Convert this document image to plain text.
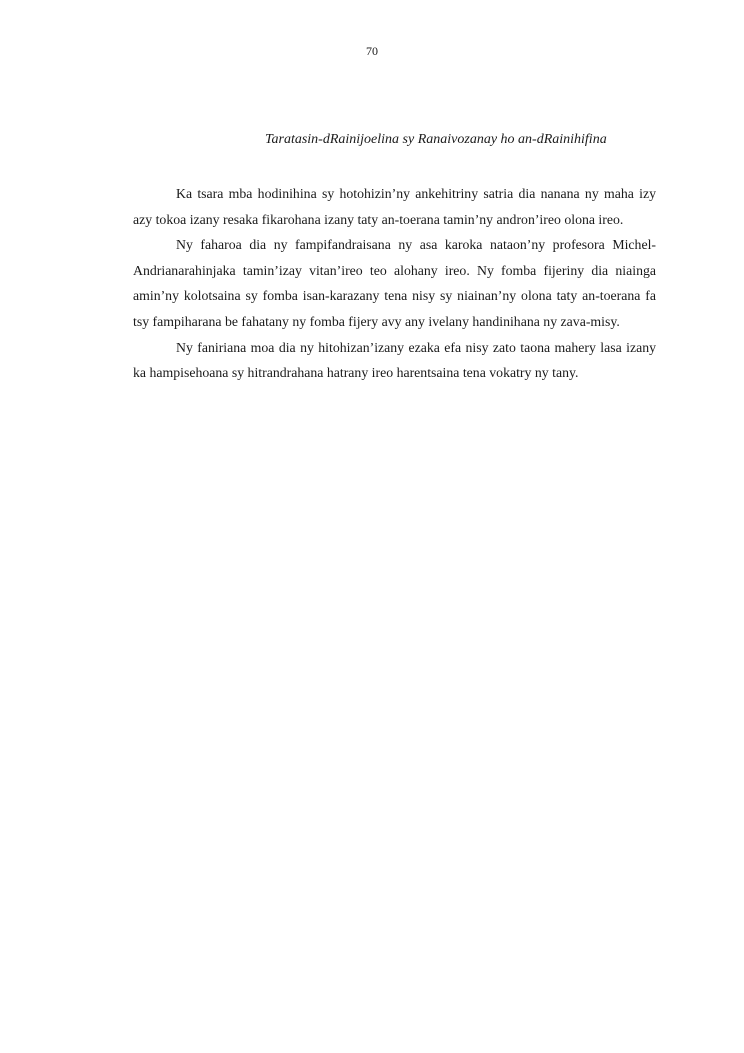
70
Taratasin-dRainijoelina sy Ranaivozanay ho an-dRainihifina

Ka tsara mba hodinihina sy hotohizin’ny ankehitriny satria dia nanana ny maha izy azy tokoa izany resaka fikarohana izany taty an-toerana tamin’ny andron’ireo olona ireo.

Ny faharoa dia ny fampifandraisana ny asa karoka nataon’ny profesora Michel-Andrianarahinjaka tamin’izay vitan’ireo teo alohany ireo. Ny fomba fijeriny dia niainga amin’ny kolotsaina sy fomba isan-karazany tena nisy sy niainan’ny olona taty an-toerana fa tsy fampiharana be fahatany ny fomba fijery avy any ivelany handinihana ny zava-misy.

Ny faniriana moa dia ny hitohizan’izany ezaka efa nisy zato taona mahery lasa izany ka hampisehoana sy hitrandrahana hatrany ireo harentsaina tena vokatry ny tany.
